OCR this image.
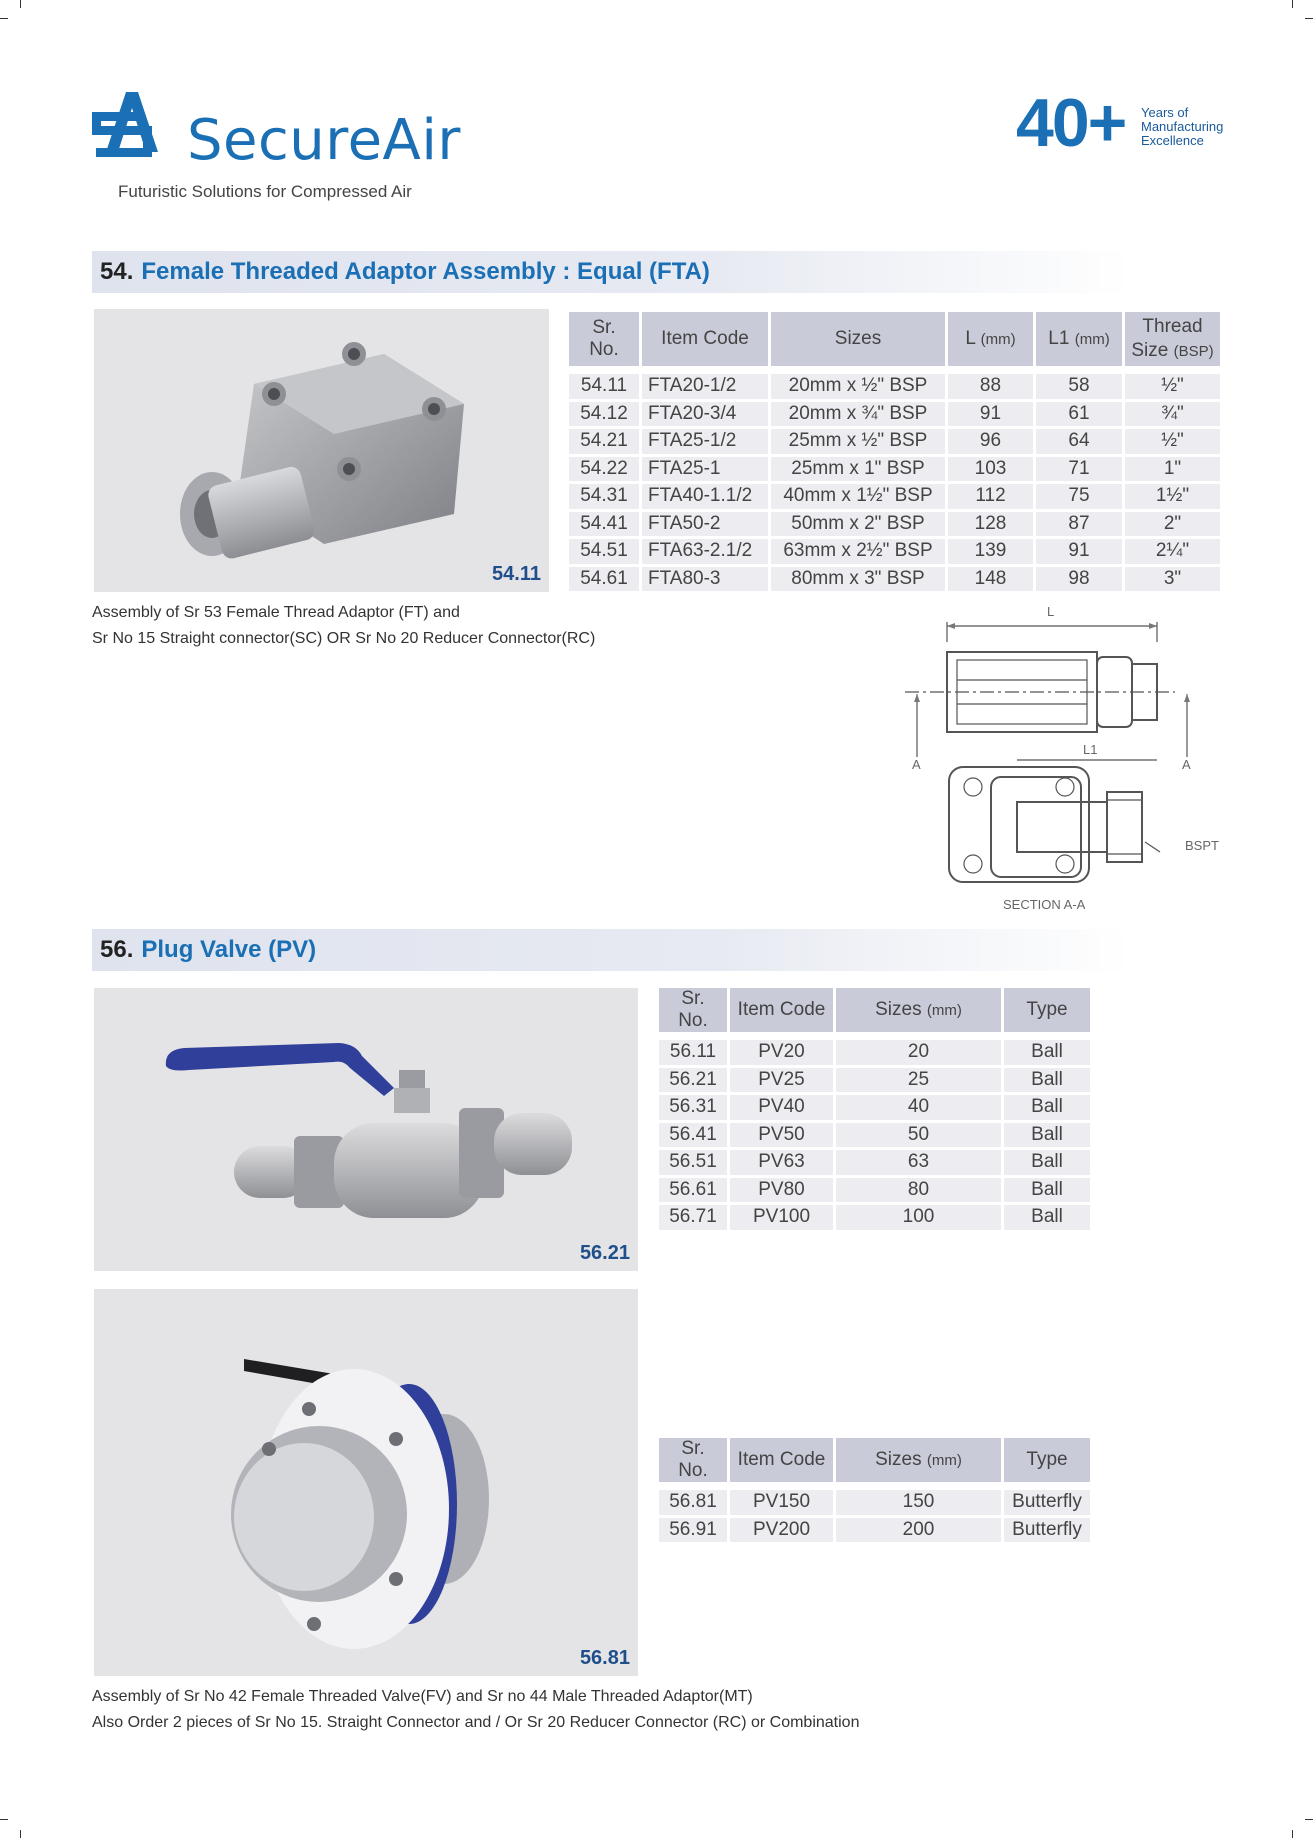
SecureAir
Futuristic Solutions for Compressed Air
40+ Years of
Manufacturing
Excellence
54. Female Threaded Adaptor Assembly : Equal (FTA)
54.11
Sr. No.	Item Code	Sizes	L (mm)	L1 (mm)	Thread
Size (BSP)

54.11	FTA20-1/2	20mm x ½" BSP	88	58	½"
54.12	FTA20-3/4	20mm x ¾" BSP	91	61	¾"
54.21	FTA25-1/2	25mm x ½" BSP	96	64	½"
54.22	FTA25-1	25mm x 1" BSP	103	71	1"
54.31	FTA40-1.1/2	40mm x 1½" BSP	112	75	1½"
54.41	FTA50-2	50mm x 2" BSP	128	87	2"
54.51	FTA63-2.1/2	63mm x 2½" BSP	139	91	2¼"
54.61	FTA80-3	80mm x 3" BSP	148	98	3"
Assembly of Sr 53 Female Thread Adaptor (FT) and
Sr No 15 Straight connector(SC) OR Sr No 20 Reducer Connector(RC)
L
L1
A	A
BSPT
SECTION A-A
56. Plug Valve (PV)
56.21
Sr. No.	Item Code	Sizes (mm)	Type

56.11	PV20	20	Ball
56.21	PV25	25	Ball
56.31	PV40	40	Ball
56.41	PV50	50	Ball
56.51	PV63	63	Ball
56.61	PV80	80	Ball
56.71	PV100	100	Ball
56.81
Sr. No.	Item Code	Sizes (mm)	Type

56.81	PV150	150	Butterfly
56.91	PV200	200	Butterfly
Assembly of Sr No 42 Female Threaded Valve(FV) and Sr no 44 Male Threaded Adaptor(MT)
Also Order 2 pieces of Sr No 15. Straight Connector and / Or Sr 20 Reducer Connector (RC) or Combination
